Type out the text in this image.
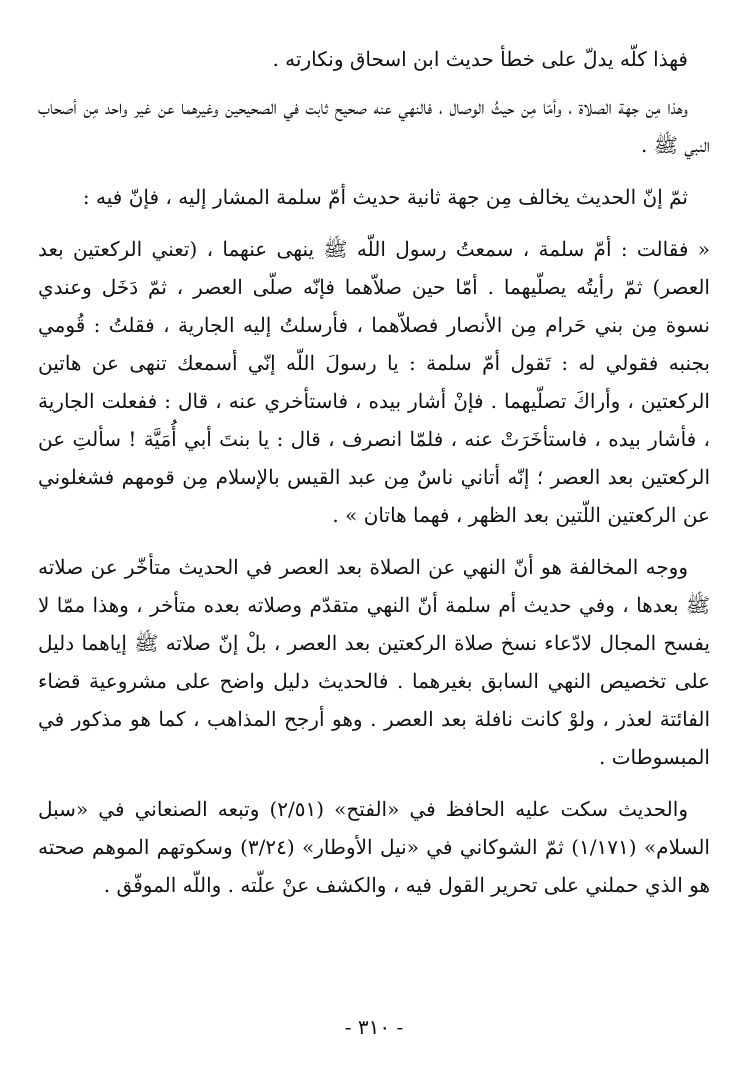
فهذا كلّه يدلّ على خطأ حديث ابن اسحاق ونكارته .

وهذا مِن جهة الصلاة ، وأمّا مِن حيثُ الوصال ، فالنهي عنه صحيح ثابت في الصحيحين وغيرهما عن غير واحد مِن أصحاب النبي ﷺ .

ثمّ إنّ الحديث يخالف مِن جهة ثانية حديث أمّ سلمة المشار إليه ، فإنّ فيه :

« فقالت : أمّ سلمة ، سمعتُ رسول اللّه ﷺ ينهى عنهما ، (تعني الركعتين بعد العصر) ثمّ رأيتُه يصلّيهما . أمّا حين صلاّهما فإنّه صلّى العصر ، ثمّ دَخَل وعندي نسوة مِن بني حَرام مِن الأنصار فصلاّهما ، فأرسلتُ إليه الجارية ، فقلتُ : قُومي بجنبه فقولي له : تَقول أمّ سلمة : يا رسولَ اللّه إنّي أسمعك تنهى عن هاتين الركعتين ، وأراكَ تصلّيهما . فإنْ أشار بيده ، فاستأخري عنه ، قال : ففعلت الجارية ، فأشار بيده ، فاستأخَرَتْ عنه ، فلمّا انصرف ، قال : يا بنتَ أبي أُمَيَّة ! سألتِ عن الركعتين بعد العصر ؛ إنّه أتاني ناسٌ مِن عبد القيس بالإسلام مِن قومهم فشغلوني عن الركعتين اللّتين بعد الظهر ، فهما هاتان » .

ووجه المخالفة هو أنّ النهي عن الصلاة بعد العصر في الحديث متأخّر عن صلاته ﷺ بعدها ، وفي حديث أم سلمة أنّ النهي متقدّم وصلاته بعده متأخر ، وهذا ممّا لا يفسح المجال لادّعاء نسخ صلاة الركعتين بعد العصر ، بلْ إنّ صلاته ﷺ إياهما دليل على تخصيص النهي السابق بغيرهما . فالحديث دليل واضح على مشروعية قضاء الفائتة لعذر ، ولوْ كانت نافلة بعد العصر . وهو أرجح المذاهب ، كما هو مذكور في المبسوطات .

والحديث سكت عليه الحافظ في «الفتح» (٢/٥١) وتبعه الصنعاني في «سبل السلام» (١/١٧١) ثمّ الشوكاني في «نيل الأوطار» (٣/٢٤) وسكوتهم الموهم صحته هو الذي حملني على تحرير القول فيه ، والكشف عنْ علّته . واللّه الموفّق .

- ٣١٠ -
